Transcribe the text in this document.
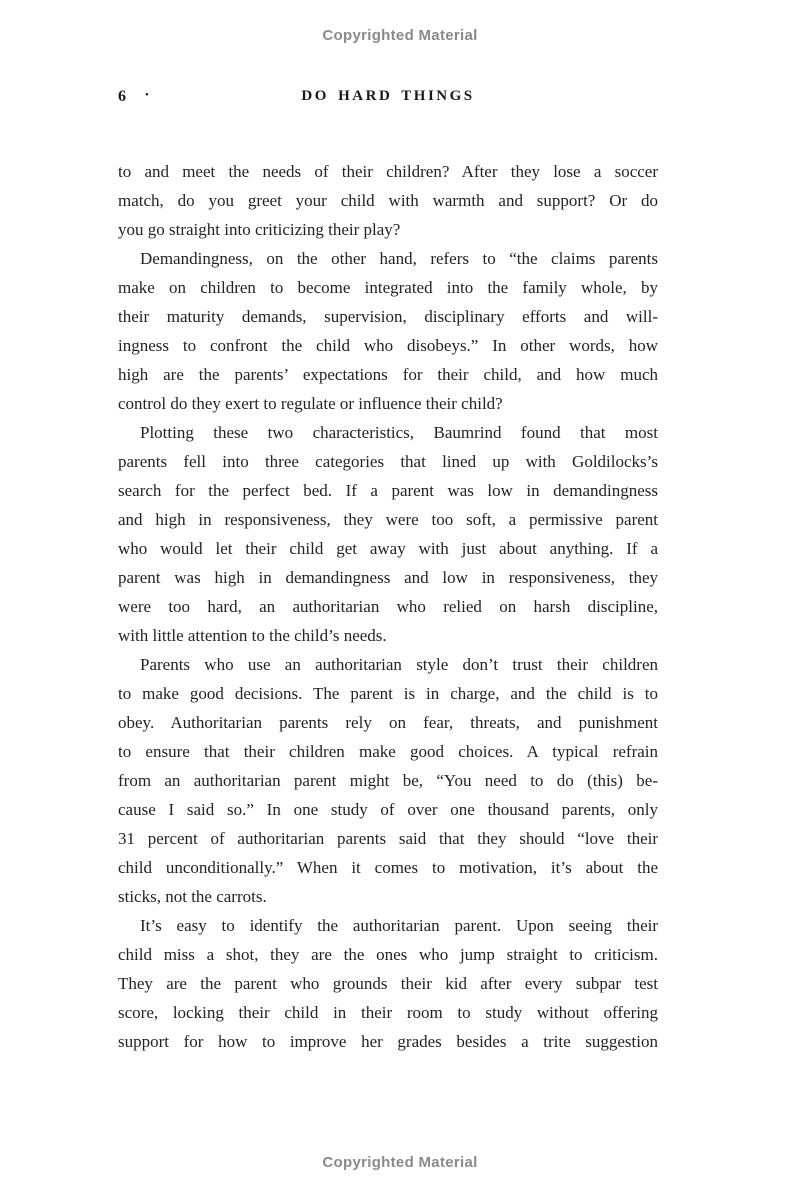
Copyrighted Material
6 •	DO HARD THINGS

to and meet the needs of their children? After they lose a soccer
match, do you greet your child with warmth and support? Or do
you go straight into criticizing their play?

Demandingness, on the other hand, refers to “the claims parents
make on children to become integrated into the family whole, by
their maturity demands, supervision, disciplinary efforts and will-
ingness to confront the child who disobeys.” In other words, how
high are the parents’ expectations for their child, and how much
control do they exert to regulate or influence their child?

Plotting these two characteristics, Baumrind found that most
parents fell into three categories that lined up with Goldilocks’s
search for the perfect bed. If a parent was low in demandingness
and high in responsiveness, they were too soft, a permissive parent
who would let their child get away with just about anything. If a
parent was high in demandingness and low in responsiveness, they
were too hard, an authoritarian who relied on harsh discipline,
with little attention to the child’s needs.

Parents who use an authoritarian style don’t trust their children
to make good decisions. The parent is in charge, and the child is to
obey. Authoritarian parents rely on fear, threats, and punishment
to ensure that their children make good choices. A typical refrain
from an authoritarian parent might be, “You need to do (this) be-
cause I said so.” In one study of over one thousand parents, only
31 percent of authoritarian parents said that they should “love their
child unconditionally.” When it comes to motivation, it’s about the
sticks, not the carrots.

It’s easy to identify the authoritarian parent. Upon seeing their
child miss a shot, they are the ones who jump straight to criticism.
They are the parent who grounds their kid after every subpar test
score, locking their child in their room to study without offering
support for how to improve her grades besides a trite suggestion

Copyrighted Material
